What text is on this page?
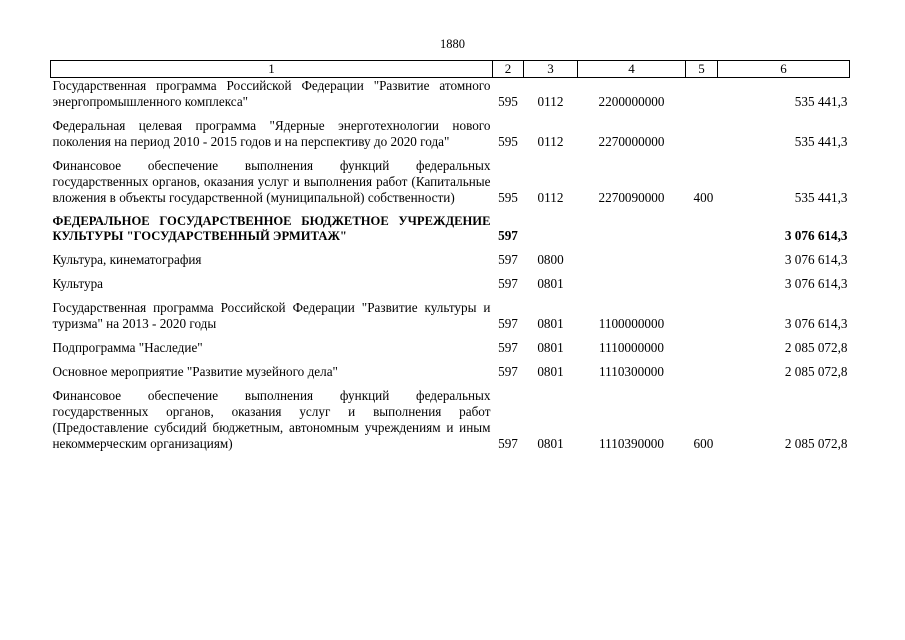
1880
1	2	3	4	5	6
Государственная программа Российской Федерации "Развитие атомного энергопромышленного комплекса"	595	0112	2200000000		535 441,3

Федеральная целевая программа "Ядерные энерготехнологии нового поколения на период 2010 - 2015 годов и на перспективу до 2020 года"	595	0112	2270000000		535 441,3

Финансовое обеспечение выполнения функций федеральных государственных органов, оказания услуг и выполнения работ (Капитальные вложения в объекты государственной (муниципальной) собственности)	595	0112	2270090000	400	535 441,3

ФЕДЕРАЛЬНОЕ ГОСУДАРСТВЕННОЕ БЮДЖЕТНОЕ УЧРЕЖДЕНИЕ КУЛЬТУРЫ "ГОСУДАРСТВЕННЫЙ ЭРМИТАЖ"	597				3 076 614,3

Культура, кинематография	597	0800			3 076 614,3

Культура	597	0801			3 076 614,3

Государственная программа Российской Федерации "Развитие культуры и туризма" на 2013 - 2020 годы	597	0801	1100000000		3 076 614,3

Подпрограмма "Наследие"	597	0801	1110000000		2 085 072,8

Основное мероприятие "Развитие музейного дела"	597	0801	1110300000		2 085 072,8

Финансовое обеспечение выполнения функций федеральных государственных органов, оказания услуг и выполнения работ (Предоставление субсидий бюджетным, автономным учреждениям и иным некоммерческим организациям)	597	0801	1110390000	600	2 085 072,8
